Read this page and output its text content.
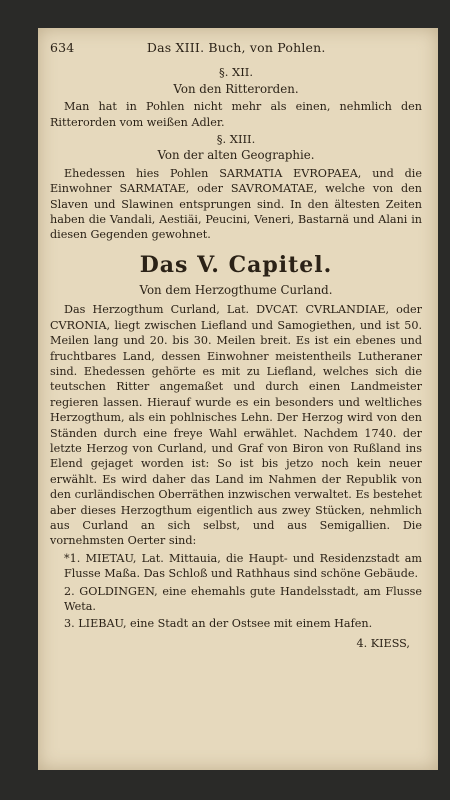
634	Das XIII. Buch, von Pohlen.
§. XII.
Von den Ritterorden.

Man hat in Pohlen nicht mehr als einen, nehmlich den Ritterorden vom weißen Adler.

§. XIII.
Von der alten Geographie.

Ehedessen hies Pohlen SARMATIA EVROPAEA, und die Einwohner SARMATAE, oder SAVROMATAE, welche von den Slaven und Slawinen entsprungen sind. In den ältesten Zeiten haben die Vandali, Aestiäi, Peucini, Veneri, Bastarnä und Alani in diesen Gegenden gewohnet.

Das V. Capitel.
Von dem Herzogthume Curland.

Das Herzogthum Curland, Lat. DVCAT. CVRLANDIAE, oder CVRONIA, liegt zwischen Liefland und Samogiethen, und ist 50. Meilen lang und 20. bis 30. Meilen breit. Es ist ein ebenes und fruchtbares Land, dessen Einwohner meistentheils Lutheraner sind. Ehedessen gehörte es mit zu Liefland, welches sich die teutschen Ritter angemaßet und durch einen Landmeister regieren lassen. Hierauf wurde es ein besonders und weltliches Herzogthum, als ein pohlnisches Lehn. Der Herzog wird von den Ständen durch eine freye Wahl erwählet. Nachdem 1740. der letzte Herzog von Curland, und Graf von Biron von Rußland ins Elend gejaget worden ist: So ist bis jetzo noch kein neuer erwählt. Es wird daher das Land im Nahmen der Republik von den curländischen Oberräthen inzwischen verwaltet. Es bestehet aber dieses Herzogthum eigentlich aus zwey Stücken, nehmlich aus Curland an sich selbst, und aus Semigallien. Die vornehmsten Oerter sind:

*1. MIETAU, Lat. Mittauia, die Haupt- und Residenzstadt am Flusse Maßa. Das Schloß und Rathhaus sind schöne Gebäude.

2. GOLDINGEN, eine ehemahls gute Handelsstadt, am Flusse Weta.

3. LIEBAU, eine Stadt an der Ostsee mit einem Hafen.

4. KIESS,
